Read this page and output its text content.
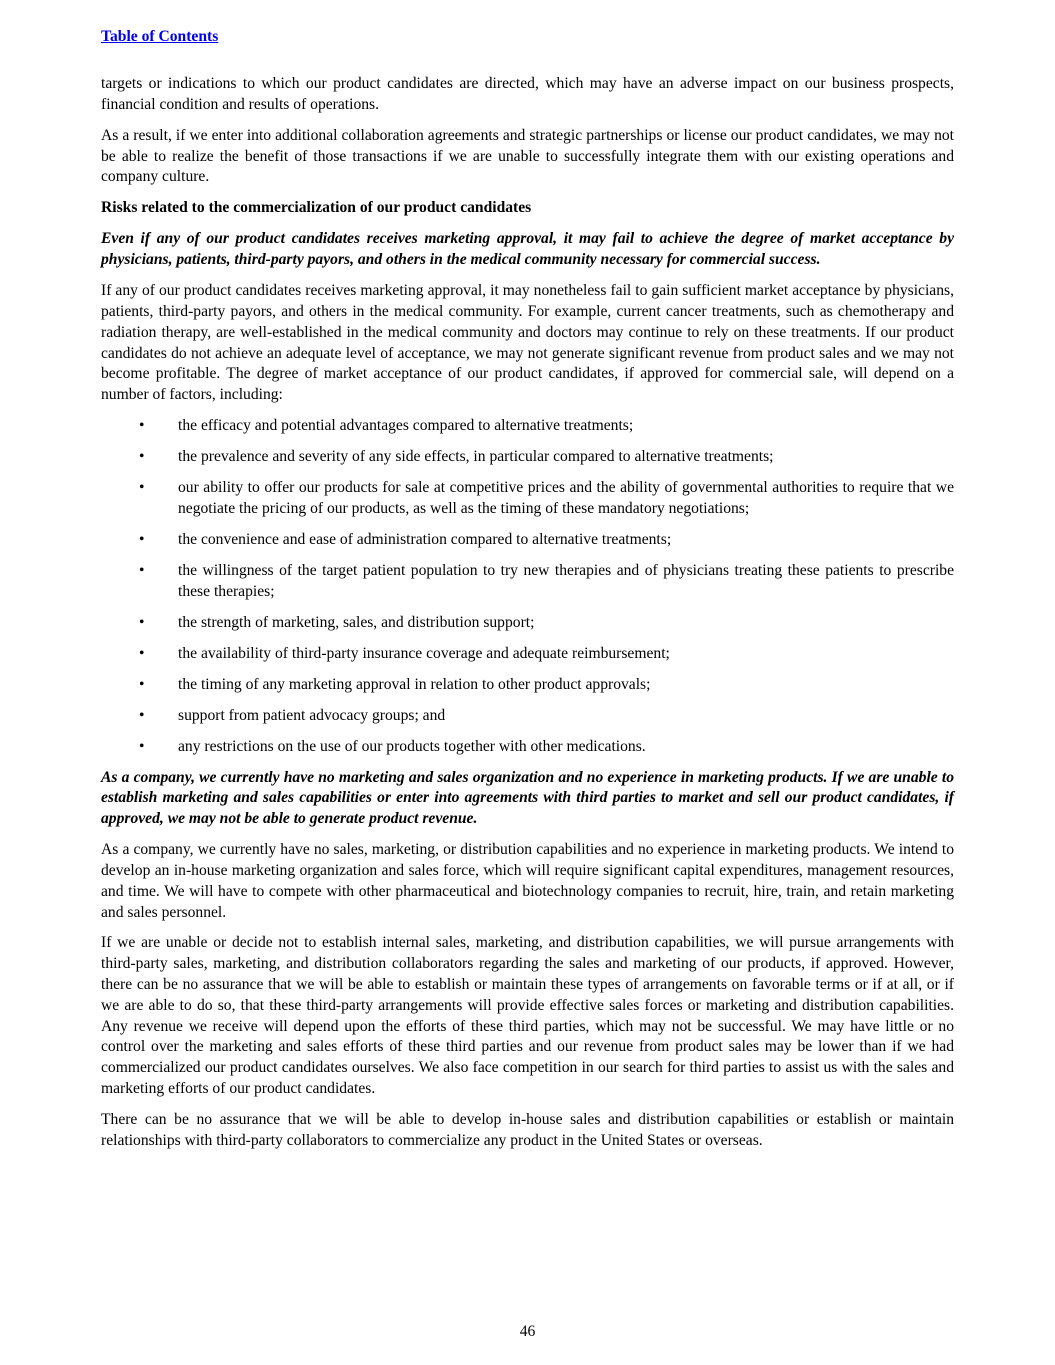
Table of Contents

targets or indications to which our product candidates are directed, which may have an adverse impact on our business prospects, financial condition and results of operations.

As a result, if we enter into additional collaboration agreements and strategic partnerships or license our product candidates, we may not be able to realize the benefit of those transactions if we are unable to successfully integrate them with our existing operations and company culture.

Risks related to the commercialization of our product candidates

Even if any of our product candidates receives marketing approval, it may fail to achieve the degree of market acceptance by physicians, patients, third-party payors, and others in the medical community necessary for commercial success.

If any of our product candidates receives marketing approval, it may nonetheless fail to gain sufficient market acceptance by physicians, patients, third-party payors, and others in the medical community. For example, current cancer treatments, such as chemotherapy and radiation therapy, are well-established in the medical community and doctors may continue to rely on these treatments. If our product candidates do not achieve an adequate level of acceptance, we may not generate significant revenue from product sales and we may not become profitable. The degree of market acceptance of our product candidates, if approved for commercial sale, will depend on a number of factors, including:

• the efficacy and potential advantages compared to alternative treatments;
• the prevalence and severity of any side effects, in particular compared to alternative treatments;
• our ability to offer our products for sale at competitive prices and the ability of governmental authorities to require that we negotiate the pricing of our products, as well as the timing of these mandatory negotiations;
• the convenience and ease of administration compared to alternative treatments;
• the willingness of the target patient population to try new therapies and of physicians treating these patients to prescribe these therapies;
• the strength of marketing, sales, and distribution support;
• the availability of third-party insurance coverage and adequate reimbursement;
• the timing of any marketing approval in relation to other product approvals;
• support from patient advocacy groups; and
• any restrictions on the use of our products together with other medications.

As a company, we currently have no marketing and sales organization and no experience in marketing products. If we are unable to establish marketing and sales capabilities or enter into agreements with third parties to market and sell our product candidates, if approved, we may not be able to generate product revenue.

As a company, we currently have no sales, marketing, or distribution capabilities and no experience in marketing products. We intend to develop an in-house marketing organization and sales force, which will require significant capital expenditures, management resources, and time. We will have to compete with other pharmaceutical and biotechnology companies to recruit, hire, train, and retain marketing and sales personnel.

If we are unable or decide not to establish internal sales, marketing, and distribution capabilities, we will pursue arrangements with third-party sales, marketing, and distribution collaborators regarding the sales and marketing of our products, if approved. However, there can be no assurance that we will be able to establish or maintain these types of arrangements on favorable terms or if at all, or if we are able to do so, that these third-party arrangements will provide effective sales forces or marketing and distribution capabilities. Any revenue we receive will depend upon the efforts of these third parties, which may not be successful. We may have little or no control over the marketing and sales efforts of these third parties and our revenue from product sales may be lower than if we had commercialized our product candidates ourselves. We also face competition in our search for third parties to assist us with the sales and marketing efforts of our product candidates.

There can be no assurance that we will be able to develop in-house sales and distribution capabilities or establish or maintain relationships with third-party collaborators to commercialize any product in the United States or overseas.

46
